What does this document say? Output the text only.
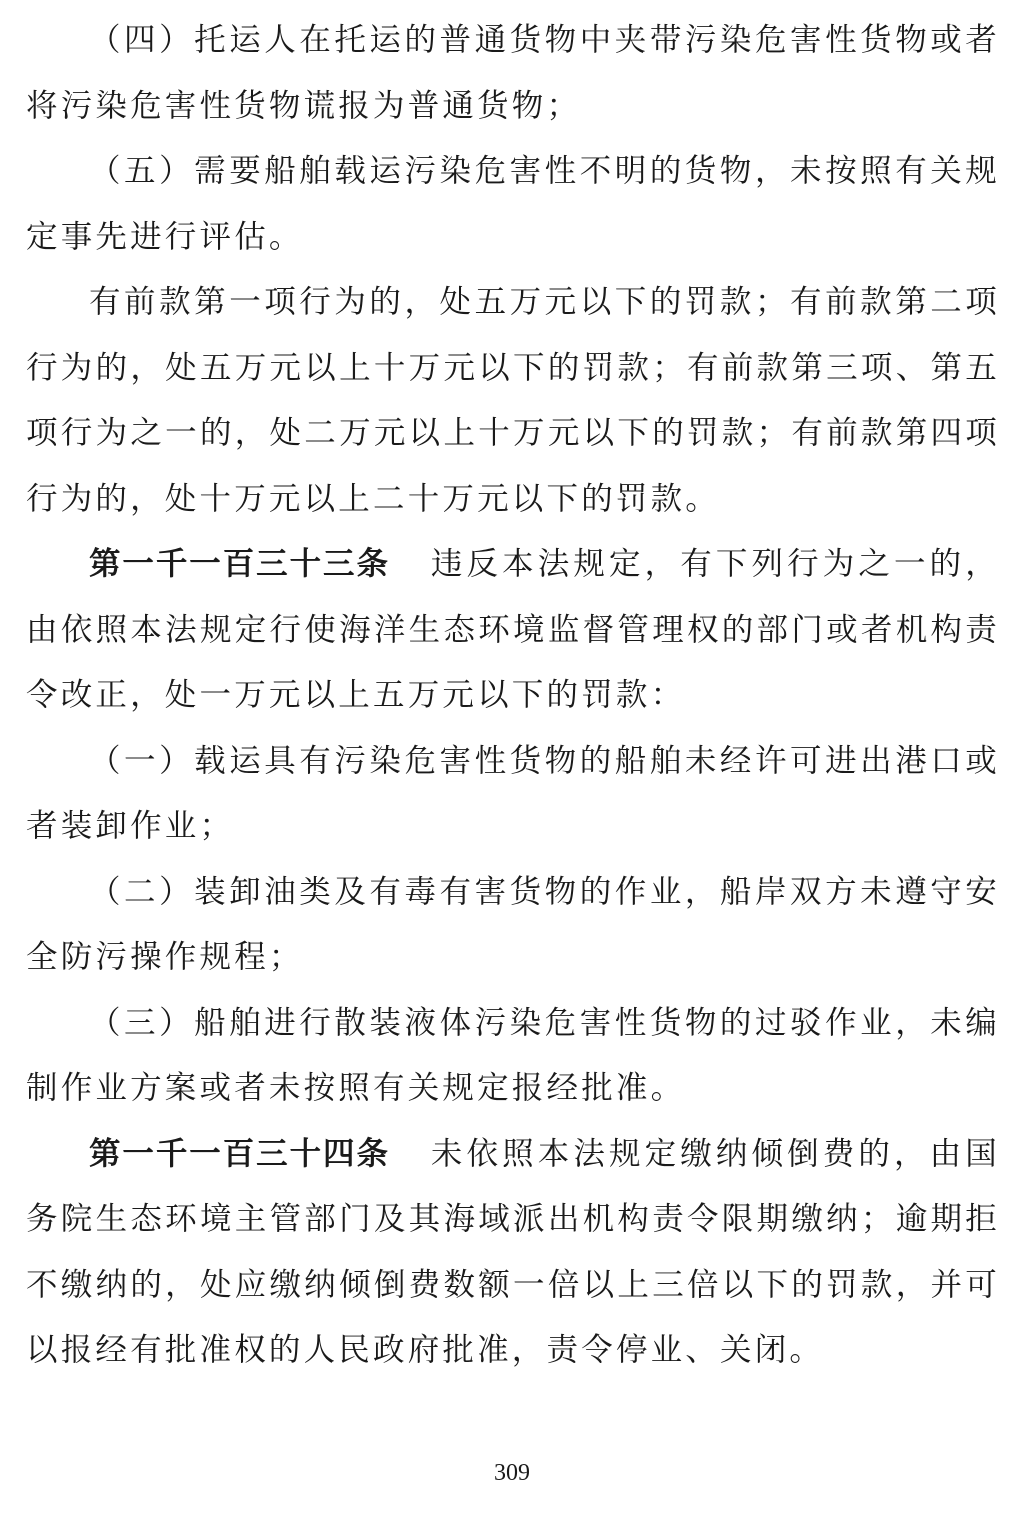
（四）托运人在托运的普通货物中夹带污染危害性货物或者将污染危害性货物谎报为普通货物；

（五）需要船舶载运污染危害性不明的货物，未按照有关规定事先进行评估。

有前款第一项行为的，处五万元以下的罚款；有前款第二项行为的，处五万元以上十万元以下的罚款；有前款第三项、第五项行为之一的，处二万元以上十万元以下的罚款；有前款第四项行为的，处十万元以上二十万元以下的罚款。

第一千一百三十三条 违反本法规定，有下列行为之一的，由依照本法规定行使海洋生态环境监督管理权的部门或者机构责令改正，处一万元以上五万元以下的罚款：

（一）载运具有污染危害性货物的船舶未经许可进出港口或者装卸作业；

（二）装卸油类及有毒有害货物的作业，船岸双方未遵守安全防污操作规程；

（三）船舶进行散装液体污染危害性货物的过驳作业，未编制作业方案或者未按照有关规定报经批准。

第一千一百三十四条 未依照本法规定缴纳倾倒费的，由国务院生态环境主管部门及其海域派出机构责令限期缴纳；逾期拒不缴纳的，处应缴纳倾倒费数额一倍以上三倍以下的罚款，并可以报经有批准权的人民政府批准，责令停业、关闭。

309
